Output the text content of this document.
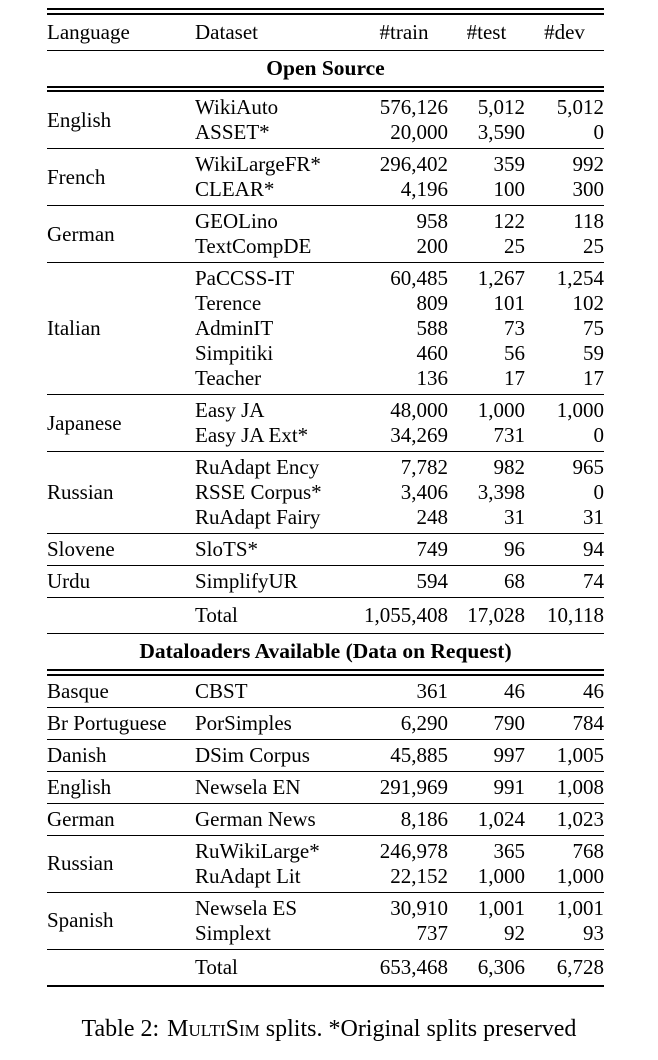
Language	Dataset	#train	#test	#dev
Open Source
English
WikiAuto	576,126	5,012	5,012
ASSET*	20,000	3,590	0
French
WikiLargeFR*	296,402	359	992
CLEAR*	4,196	100	300
German
GEOLino	958	122	118
TextCompDE	200	25	25
Italian
PaCCSS-IT	60,485	1,267	1,254
Terence	809	101	102
AdminIT	588	73	75
Simpitiki	460	56	59
Teacher	136	17	17
Japanese
Easy JA	48,000	1,000	1,000
Easy JA Ext*	34,269	731	0
Russian
RuAdapt Ency	7,782	982	965
RSSE Corpus*	3,406	3,398	0
RuAdapt Fairy	248	31	31
Slovene	SloTS*	749	96	94
Urdu	SimplifyUR	594	68	74
Total	1,055,408 17,028	10,118
Dataloaders Available (Data on Request)
Basque	CBST	361	46	46
Br Portuguese	PorSimples	6,290	790	784
Danish	DSim Corpus	45,885	997	1,005
English	Newsela EN	291,969	991	1,008
German	German News	8,186	1,024	1,023
Russian
RuWikiLarge*	246,978	365	768
RuAdapt Lit	22,152	1,000	1,000
Spanish
Newsela ES	30,910	1,001	1,001
Simplext	737	92	93
Total	653,468	6,306	6,728
Table 2: MultiSim splits. *Original splits preserved
